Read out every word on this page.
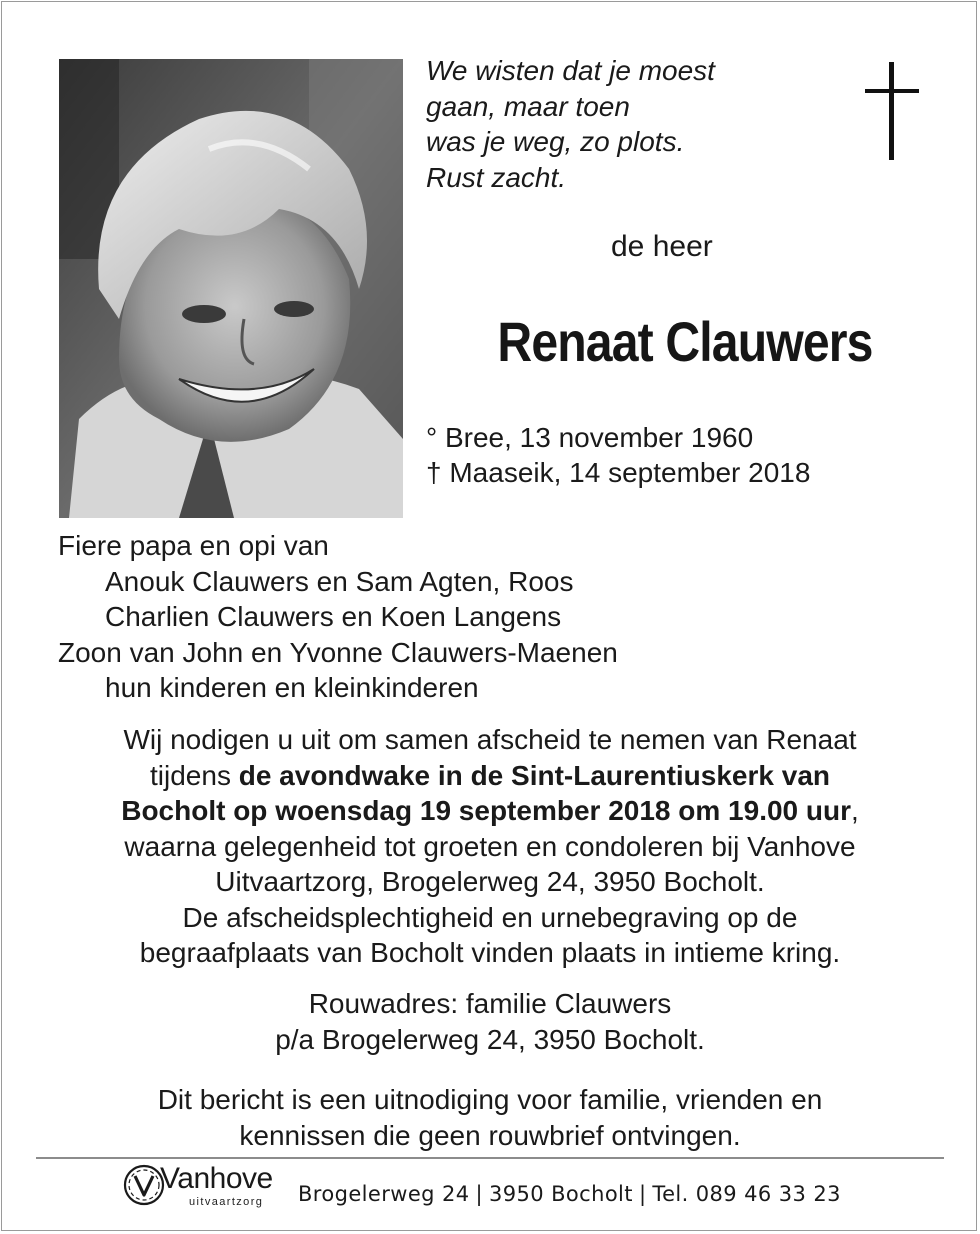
We wisten dat je moest
gaan, maar toen
was je weg, zo plots.
Rust zacht.
de heer
Renaat Clauwers
° Bree, 13 november 1960
† Maaseik, 14 september 2018
Fiere papa en opi van
Anouk Clauwers en Sam Agten, Roos
Charlien Clauwers en Koen Langens
Zoon van John en Yvonne Clauwers-Maenen
hun kinderen en kleinkinderen
Wij nodigen u uit om samen afscheid te nemen van Renaat
tijdens de avondwake in de Sint-Laurentiuskerk van
Bocholt op woensdag 19 september 2018 om 19.00 uur,
waarna gelegenheid tot groeten en condoleren bij Vanhove
Uitvaartzorg, Brogelerweg 24, 3950 Bocholt.
De afscheidsplechtigheid en urnebegraving op de
begraafplaats van Bocholt vinden plaats in intieme kring.
Rouwadres: familie Clauwers
p/a Brogelerweg 24, 3950 Bocholt.
Dit bericht is een uitnodiging voor familie, vrienden en
kennissen die geen rouwbrief ontvingen.
Vanhove
uitvaartzorg Brogelerweg 24 | 3950 Bocholt | Tel. 089 46 33 23
